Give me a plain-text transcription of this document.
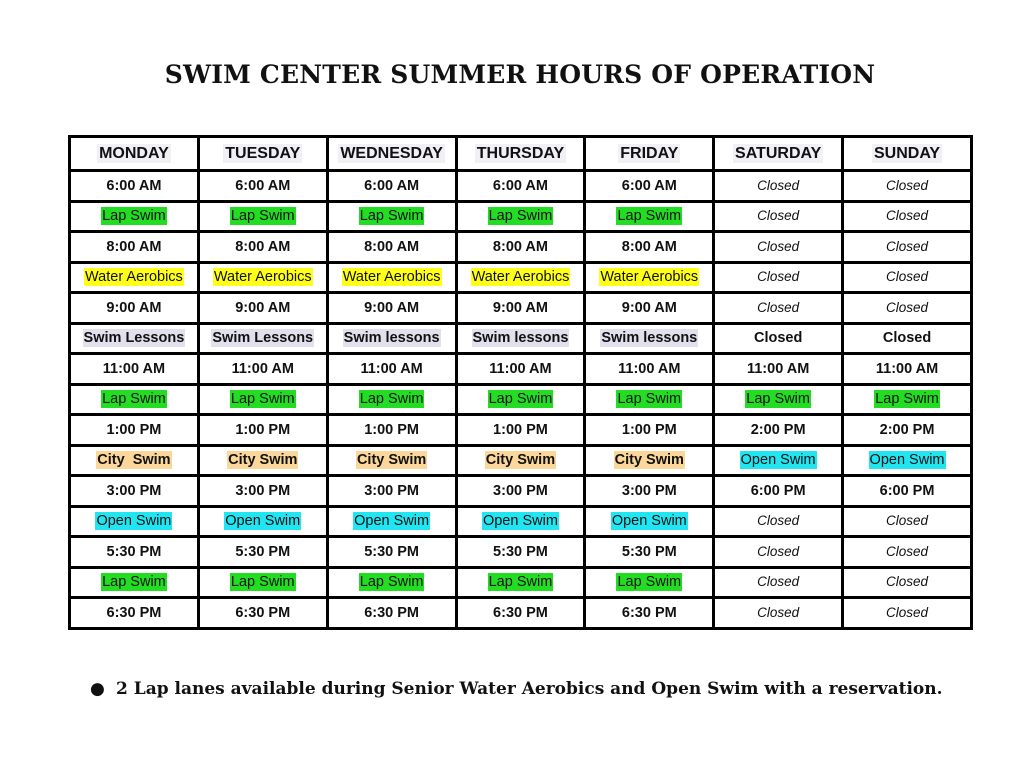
SWIM CENTER SUMMER HOURS OF OPERATION
MONDAY	TUESDAY	WEDNESDAY	THURSDAY	FRIDAY	SATURDAY	SUNDAY
6:00 AM	6:00 AM	6:00 AM	6:00 AM	6:00 AM	Closed	Closed
Lap Swim	Lap Swim	Lap Swim	Lap Swim	Lap Swim	Closed	Closed
8:00 AM	8:00 AM	8:00 AM	8:00 AM	8:00 AM	Closed	Closed
Water Aerobics	Water Aerobics	Water Aerobics	Water Aerobics	Water Aerobics	Closed	Closed
9:00 AM	9:00 AM	9:00 AM	9:00 AM	9:00 AM	Closed	Closed
Swim Lessons	Swim Lessons	Swim lessons	Swim lessons	Swim lessons	Closed	Closed
11:00 AM	11:00 AM	11:00 AM	11:00 AM	11:00 AM	11:00 AM	11:00 AM
Lap Swim	Lap Swim	Lap Swim	Lap Swim	Lap Swim	Lap Swim	Lap Swim
1:00 PM	1:00 PM	1:00 PM	1:00 PM	1:00 PM	2:00 PM	2:00 PM
City  Swim	City Swim	City Swim	City Swim	City Swim	Open Swim	Open Swim
3:00 PM	3:00 PM	3:00 PM	3:00 PM	3:00 PM	6:00 PM	6:00 PM
Open Swim	Open Swim	Open Swim	Open Swim	Open Swim	Closed	Closed
5:30 PM	5:30 PM	5:30 PM	5:30 PM	5:30 PM	Closed	Closed
Lap Swim	Lap Swim	Lap Swim	Lap Swim	Lap Swim	Closed	Closed
6:30 PM	6:30 PM	6:30 PM	6:30 PM	6:30 PM	Closed	Closed
● 2 Lap lanes available during Senior Water Aerobics and Open Swim with a reservation.
